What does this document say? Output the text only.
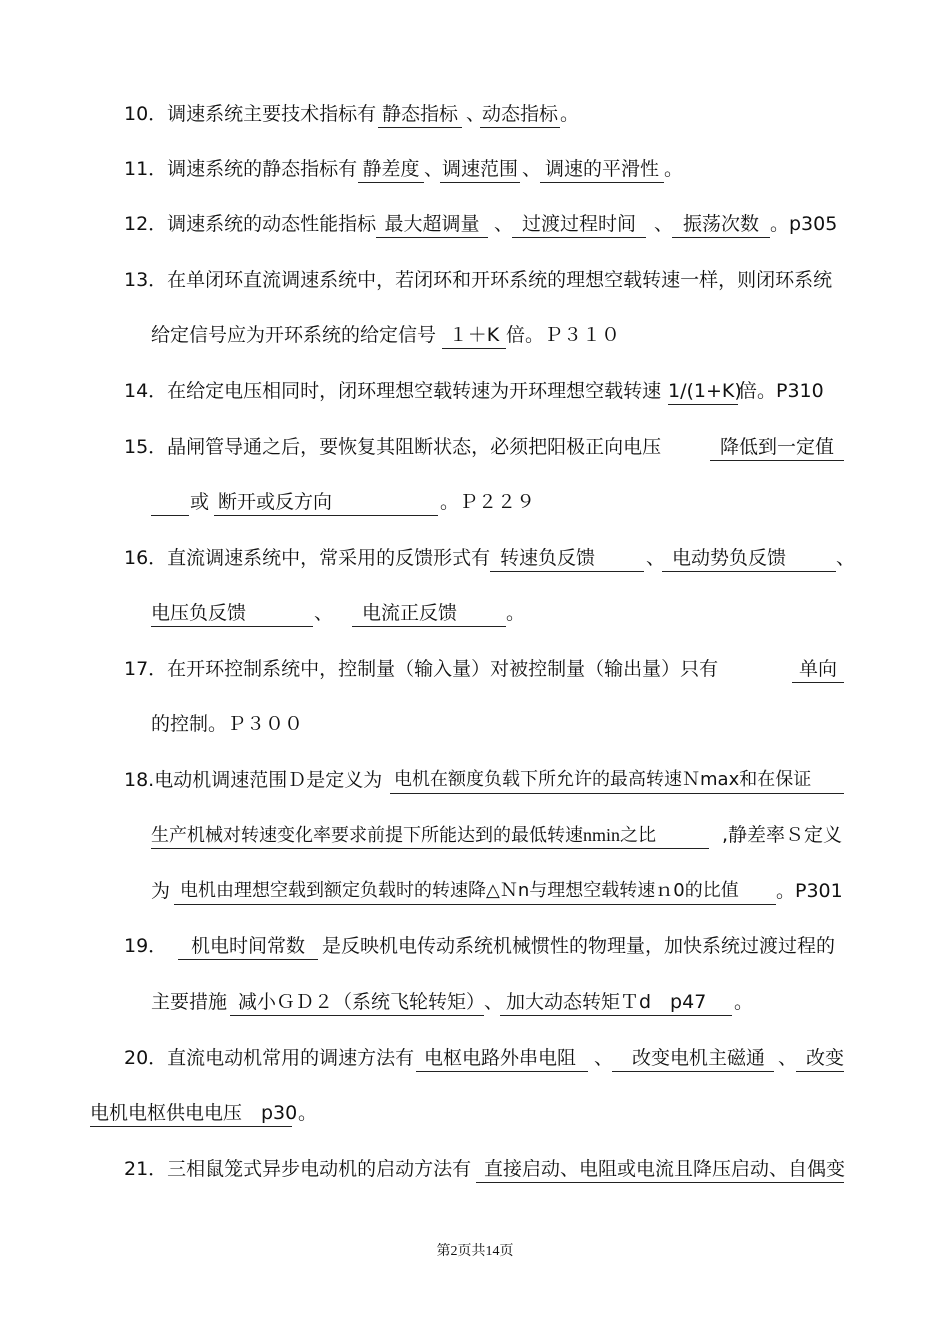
10．调速系统主要技术指标有 静态指标 、
动态指标 。
11．调速系统的静态指标有 静差度 、
调速范围 、 调速的平滑性 。
12．调速系统的动态性能指标 最大超调量 、 过渡过程时间 、 振荡次数 。p305
13．在单闭环直流调速系统中，若闭环和开环系统的理想空载转速一样，则闭环系统
给定信号应为开环系统的给定信号 １＋K 倍。Ｐ３１０
14．在给定电压相同时，闭环理想空载转速为开环理想空载转速 1/(1+K)
倍。P310
15．晶闸管导通之后，要恢复其阻断状态，必须把阳极正向电压	降低到一定值
或 断开或反方向	。Ｐ２２９
16．直流调速系统中，常采用的反馈形式有 转速负反馈	、 电动势负反馈	、
电压负反馈	、	电流正反馈	。
17．在开环控制系统中，控制量（输入量）对被控制量（输出量）只有	单向
的控制。Ｐ３００
18.电动机调速范围Ｄ是定义为 电机在额度负载下所允许的最高转速Ｎmax和在保证
生产机械对转速变化率要求前提下所能达到的最低转速nmin之比	,静差率Ｓ定义
为 电机由理想空载到额定负载时的转速降△Ｎn与理想空载转速ｎ0的比值	。P301
19．	机电时间常数 是反映机电传动系统机械惯性的物理量，加快系统过渡过程的
主要措施 减小ＧＤ２（系统飞轮转矩）
、 加大动态转矩Ｔd　p47	。
20．直流电动机常用的调速方法有 电枢电路外串电阻 、 改变电机主磁通 、 改变
电机电枢供电电压　p30 。
21．三相鼠笼式异步电动机的启动方法有 直接启动、电阻或电流且降压启动、自偶变
第2页共14页
